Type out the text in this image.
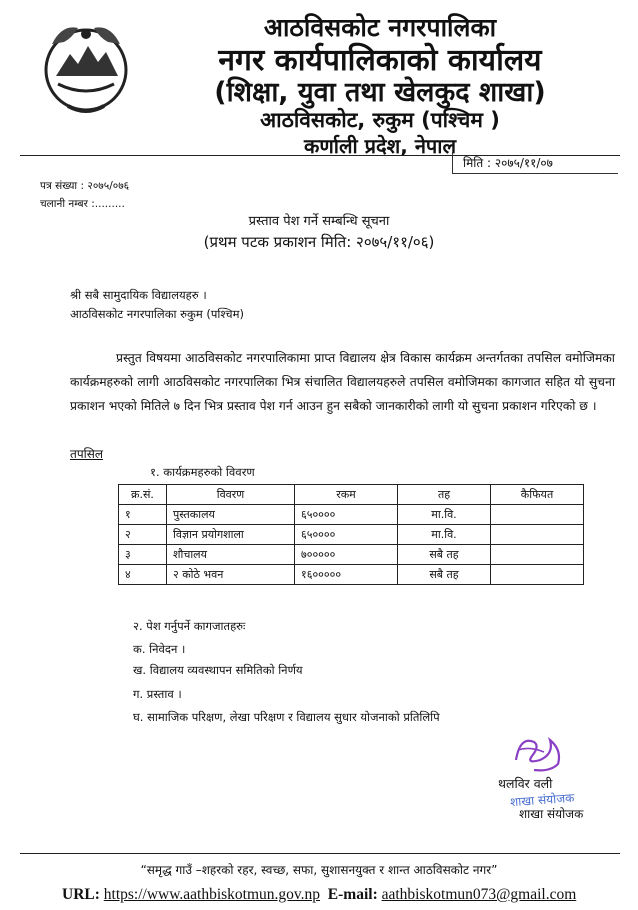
आठविसकोट नगरपालिका
नगर कार्यपालिकाको कार्यालय
(शिक्षा, युवा तथा खेलकुद शाखा)
आठविसकोट, रुकुम (पश्चिम )
कर्णाली प्रदेश, नेपाल
मिति : २०७५/११/०७
पत्र संख्या : २०७५/०७६
चलानी नम्बर :.........
प्रस्ताव पेश गर्ने सम्बन्धि सूचना
(प्रथम पटक प्रकाशन मिति: २०७५/११/०६)
श्री सबै सामुदायिक विद्यालयहरु ।
आठविसकोट नगरपालिका रुकुम (पश्चिम)
प्रस्तुत विषयमा आठविसकोट नगरपालिकामा प्राप्त विद्यालय क्षेत्र विकास कार्यक्रम अन्तर्गतका तपसिल वमोजिमका कार्यक्रमहरुको लागी आठविसकोट नगरपालिका भित्र संचालित विद्यालयहरुले तपसिल वमोजिमका कागजात सहित यो सुचना प्रकाशन भएको मितिले ७ दिन भित्र प्रस्ताव पेश गर्न आउन हुन सबैको जानकारीको लागी यो सुचना प्रकाशन गरिएको छ ।
तपसिल
१. कार्यक्रमहरुको विवरण
क्र.सं.	विवरण	रकम	तह	कैफियत
१	पुस्तकालय	६५००००	मा.वि.	
२	विज्ञान प्रयोगशाला	६५००००	मा.वि.	
३	शौचालय	७०००००	सबै तह	
४	२ कोठे भवन	१६०००००	सबै तह	
२. पेश गर्नुपर्ने कागजातहरुः
क. निवेदन ।
ख. विद्यालय व्यवस्थापन समितिको निर्णय
ग. प्रस्ताव ।
घ. सामाजिक परिक्षण, लेखा परिक्षण र विद्यालय सुधार योजनाको प्रतिलिपि
थलविर वली
शाखा संयोजक
शाखा संयोजक
“समृद्ध गाउँ –शहरको रहर, स्वच्छ, सफा, सुशासनयुक्त र शान्त आठविसकोट नगर”
URL: https://www.aathbiskotmun.gov.np E-mail: aathbiskotmun073@gmail.com
